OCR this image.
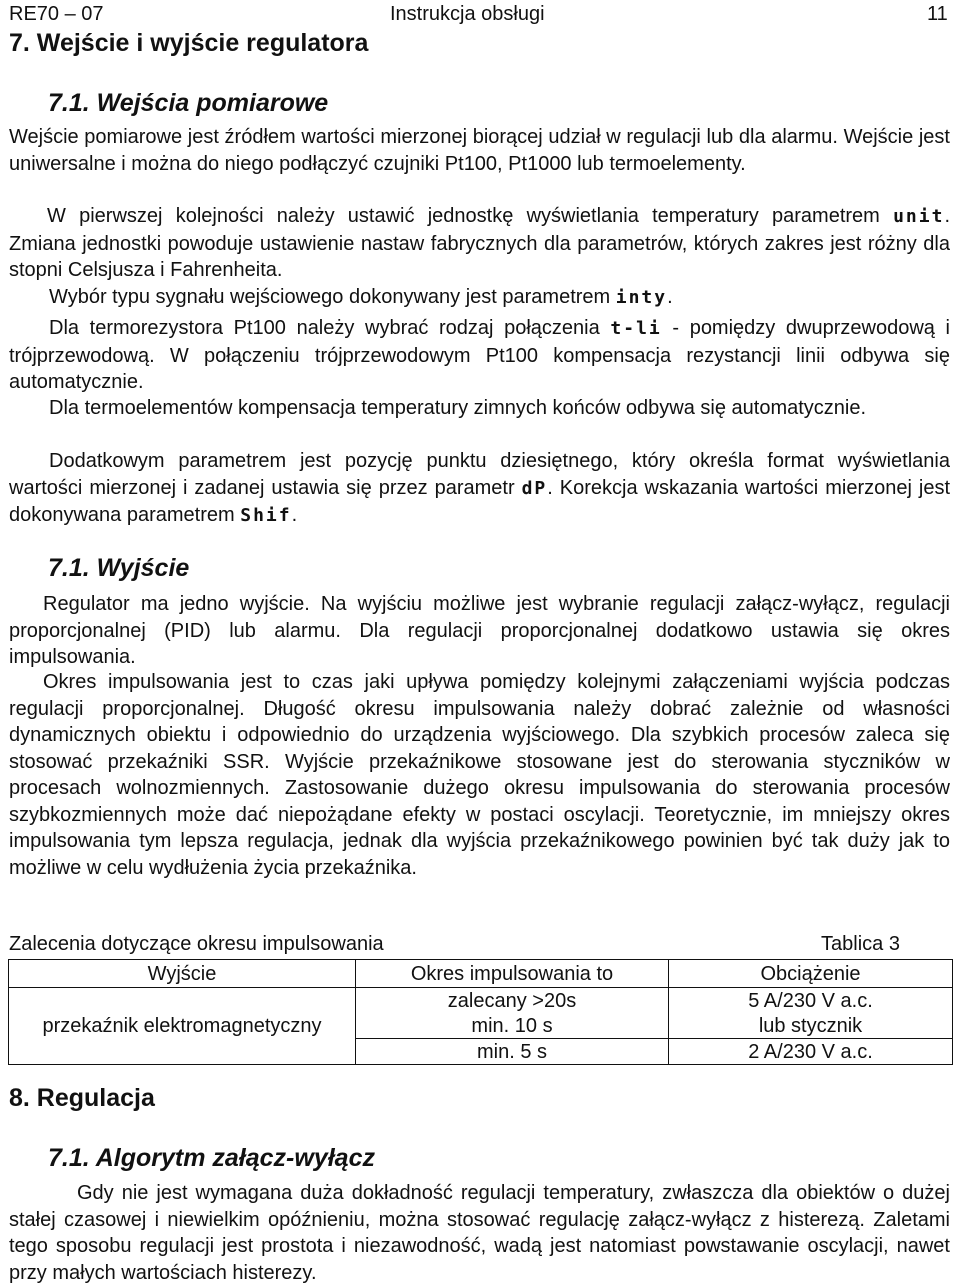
RE70 – 07	Instrukcja obsługi	11
7. Wejście i wyjście regulatora
7.1. Wejścia pomiarowe
Wejście pomiarowe jest źródłem wartości mierzonej biorącej udział w regulacji lub dla alarmu. Wejście jest uniwersalne i można do niego podłączyć czujniki Pt100, Pt1000 lub termoelementy.
W pierwszej kolejności należy ustawić jednostkę wyświetlania temperatury parametrem unit. Zmiana jednostki powoduje ustawienie nastaw fabrycznych dla parametrów, których zakres jest różny dla stopni Celsjusza i Fahrenheita.
Wybór typu sygnału wejściowego dokonywany jest parametrem inty.
Dla termorezystora Pt100 należy wybrać rodzaj połączenia t-li - pomiędzy dwuprzewodową i trójprzewodową. W połączeniu trójprzewodowym Pt100 kompensacja rezystancji linii odbywa się automatycznie.
Dla termoelementów kompensacja temperatury zimnych końców odbywa się automatycznie.
Dodatkowym parametrem jest pozycję punktu dziesiętnego, który określa format wyświetlania wartości mierzonej i zadanej ustawia się przez parametr dP. Korekcja wskazania wartości mierzonej jest dokonywana parametrem Shif.
7.1. Wyjście
Regulator ma jedno wyjście. Na wyjściu możliwe jest wybranie regulacji załącz-wyłącz, regulacji proporcjonalnej (PID) lub alarmu. Dla regulacji proporcjonalnej dodatkowo ustawia się okres impulsowania.
Okres impulsowania jest to czas jaki upływa pomiędzy kolejnymi załączeniami wyjścia podczas regulacji proporcjonalnej. Długość okresu impulsowania należy dobrać zależnie od własności dynamicznych obiektu i odpowiednio do urządzenia wyjściowego. Dla szybkich procesów zaleca się stosować przekaźniki SSR. Wyjście przekaźnikowe stosowane jest do sterowania styczników w procesach wolnozmiennych. Zastosowanie dużego okresu impulsowania do sterowania procesów szybkozmiennych może dać niepożądane efekty w postaci oscylacji. Teoretycznie, im mniejszy okres impulsowania tym lepsza regulacja, jednak dla wyjścia przekaźnikowego powinien być tak duży jak to możliwe w celu wydłużenia życia przekaźnika.
Zalecenia dotyczące okresu impulsowania	Tablica 3
Wyjście	Okres impulsowania to	Obciążenie
przekaźnik elektromagnetyczny	zalecany >20s	5 A/230 V a.c.
	min. 10 s	lub stycznik
	min. 5 s	2 A/230 V a.c.
8. Regulacja
7.1. Algorytm załącz-wyłącz
Gdy nie jest wymagana duża dokładność regulacji temperatury, zwłaszcza dla obiektów o dużej stałej czasowej i niewielkim opóźnieniu, można stosować regulację załącz-wyłącz z histerezą. Zaletami tego sposobu regulacji jest prostota i niezawodność, wadą jest natomiast powstawanie oscylacji, nawet przy małych wartościach histerezy.
